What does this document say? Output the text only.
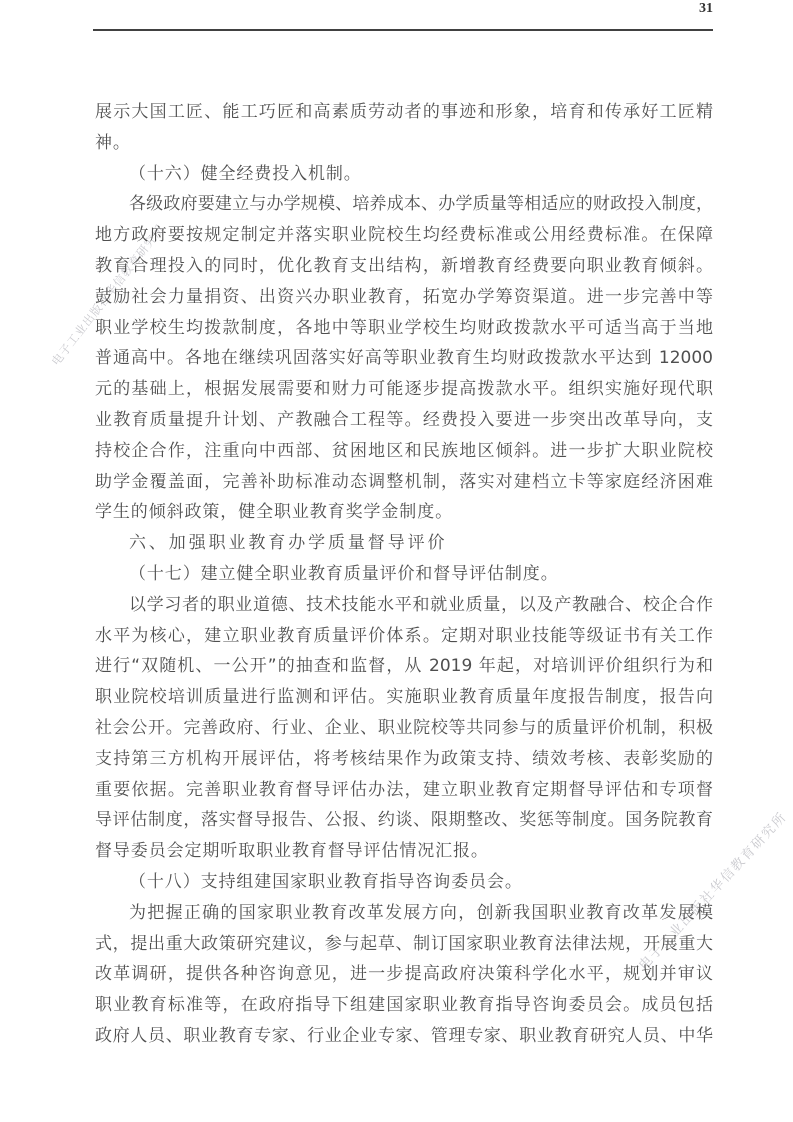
电子工业出版社华信教育研究所
电子工业出版社华信教育研究所
31
展示大国工匠、能工巧匠和高素质劳动者的事迹和形象，培育和传承好工匠精
神。
（十六）健全经费投入机制。
各级政府要建立与办学规模、培养成本、办学质量等相适应的财政投入制度，
地方政府要按规定制定并落实职业院校生均经费标准或公用经费标准。在保障
教育合理投入的同时，优化教育支出结构，新增教育经费要向职业教育倾斜。
鼓励社会力量捐资、出资兴办职业教育，拓宽办学筹资渠道。进一步完善中等
职业学校生均拨款制度，各地中等职业学校生均财政拨款水平可适当高于当地
普通高中。各地在继续巩固落实好高等职业教育生均财政拨款水平达到 12000
元的基础上，根据发展需要和财力可能逐步提高拨款水平。组织实施好现代职
业教育质量提升计划、产教融合工程等。经费投入要进一步突出改革导向，支
持校企合作，注重向中西部、贫困地区和民族地区倾斜。进一步扩大职业院校
助学金覆盖面，完善补助标准动态调整机制，落实对建档立卡等家庭经济困难
学生的倾斜政策，健全职业教育奖学金制度。
六、加强职业教育办学质量督导评价
（十七）建立健全职业教育质量评价和督导评估制度。
以学习者的职业道德、技术技能水平和就业质量，以及产教融合、校企合作
水平为核心，建立职业教育质量评价体系。定期对职业技能等级证书有关工作
进行“双随机、一公开”的抽查和监督，从 2019 年起，对培训评价组织行为和
职业院校培训质量进行监测和评估。实施职业教育质量年度报告制度，报告向
社会公开。完善政府、行业、企业、职业院校等共同参与的质量评价机制，积极
支持第三方机构开展评估，将考核结果作为政策支持、绩效考核、表彰奖励的
重要依据。完善职业教育督导评估办法，建立职业教育定期督导评估和专项督
导评估制度，落实督导报告、公报、约谈、限期整改、奖惩等制度。国务院教育
督导委员会定期听取职业教育督导评估情况汇报。
（十八）支持组建国家职业教育指导咨询委员会。
为把握正确的国家职业教育改革发展方向，创新我国职业教育改革发展模
式，提出重大政策研究建议，参与起草、制订国家职业教育法律法规，开展重大
改革调研，提供各种咨询意见，进一步提高政府决策科学化水平，规划并审议
职业教育标准等，在政府指导下组建国家职业教育指导咨询委员会。成员包括
政府人员、职业教育专家、行业企业专家、管理专家、职业教育研究人员、中华
